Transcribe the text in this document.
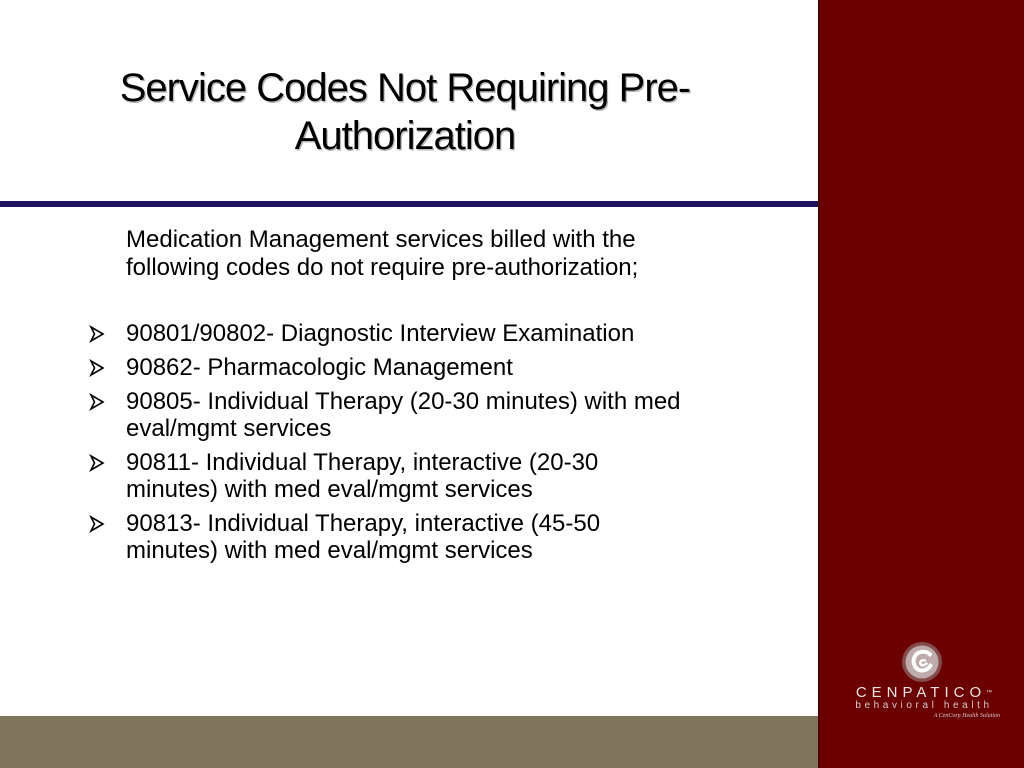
Service Codes Not Requiring Pre-
Authorization

Medication Management services billed with the
following codes do not require pre-authorization;

90801/90802- Diagnostic Interview Examination
90862- Pharmacologic Management
90805- Individual Therapy (20-30 minutes) with med
eval/mgmt services
90811- Individual Therapy, interactive (20-30
minutes) with med eval/mgmt services
90813- Individual Therapy, interactive (45-50
minutes) with med eval/mgmt services
CENPATICO™
behavioral health
A CenCorp Health Solution
